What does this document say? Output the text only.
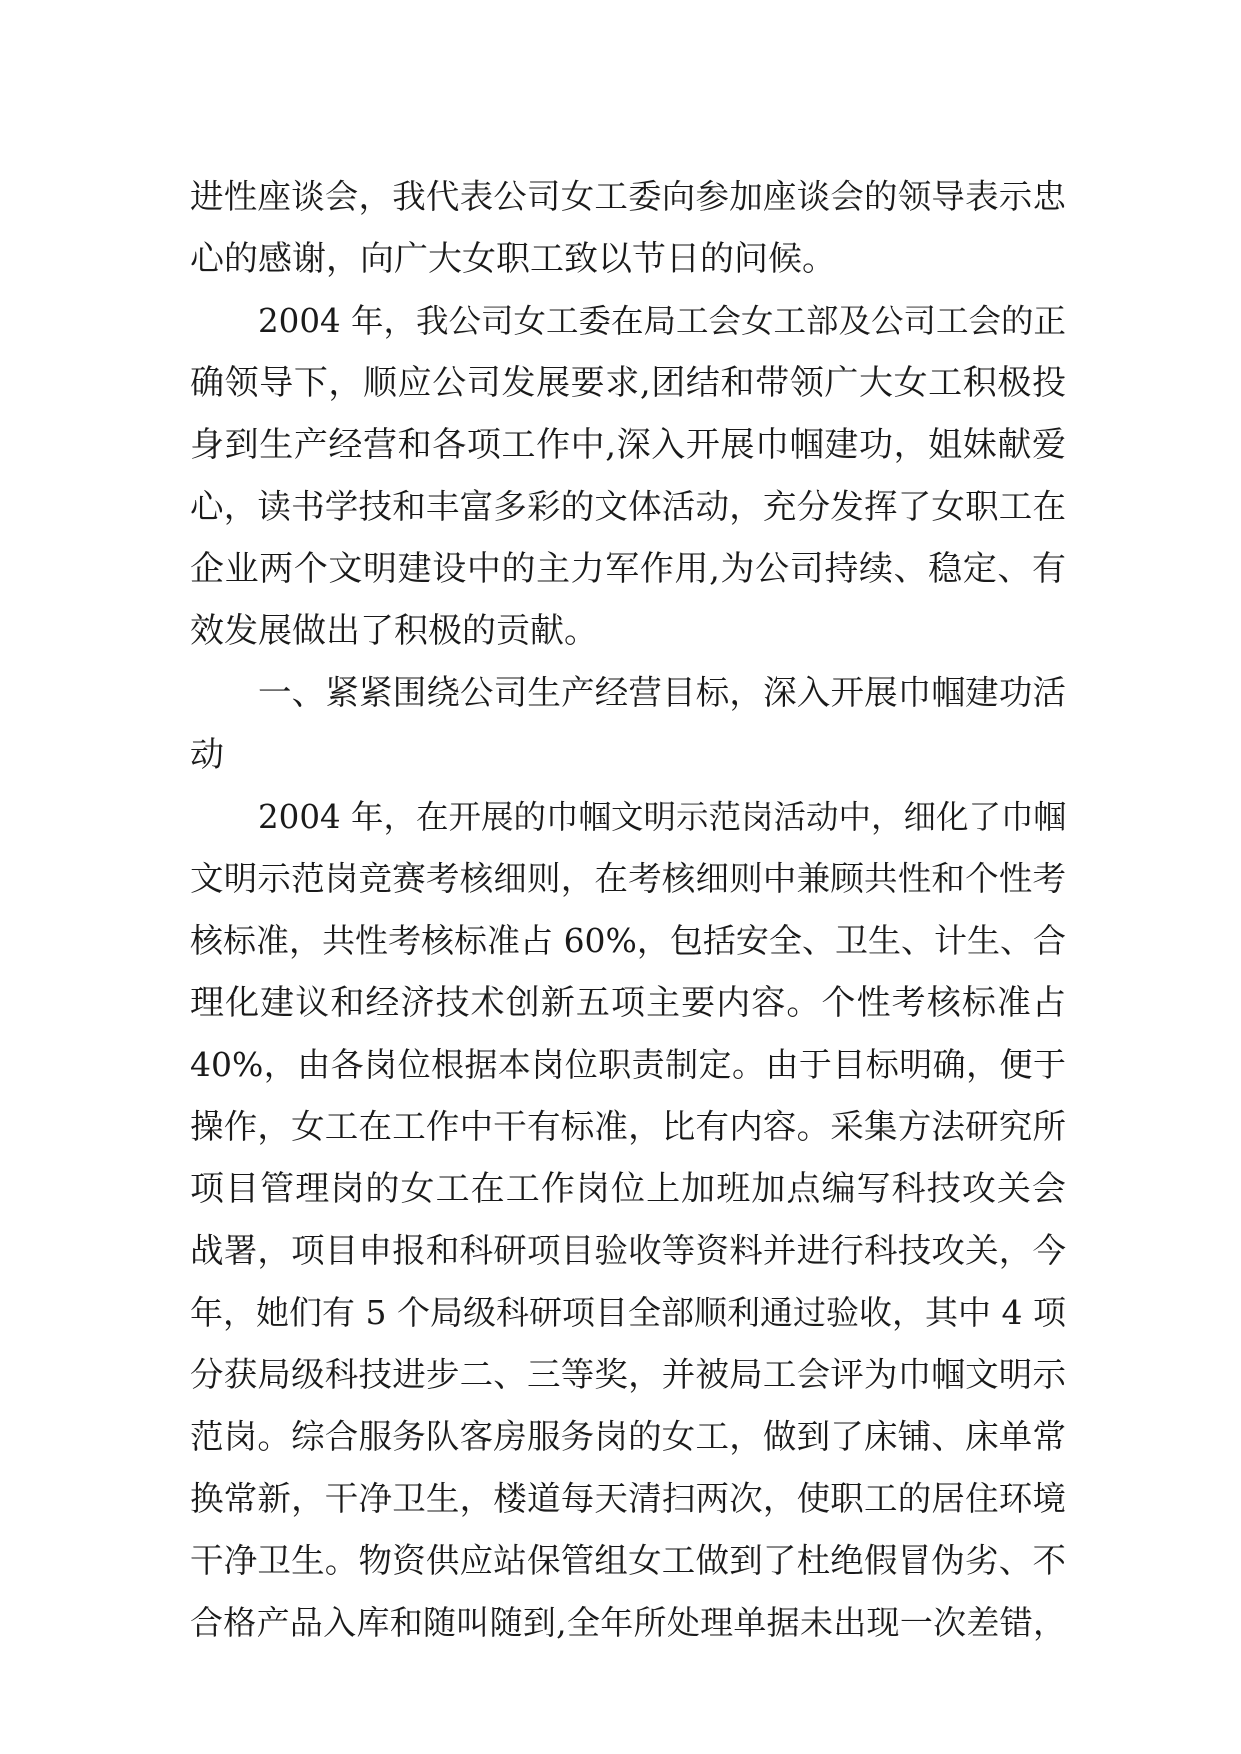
进性座谈会，我代表公司女工委向参加座谈会的领导表示忠
心的感谢，向广大女职工致以节日的问候。
2004 年，我公司女工委在局工会女工部及公司工会的正
确领导下，顺应公司发展要求,团结和带领广大女工积极投
身到生产经营和各项工作中,深入开展巾帼建功，姐妹献爱
心，读书学技和丰富多彩的文体活动，充分发挥了女职工在
企业两个文明建设中的主力军作用,为公司持续、稳定、有
效发展做出了积极的贡献。
一、紧紧围绕公司生产经营目标，深入开展巾帼建功活
动
2004 年，在开展的巾帼文明示范岗活动中，细化了巾帼
文明示范岗竞赛考核细则，在考核细则中兼顾共性和个性考
核标准，共性考核标准占 60%，包括安全、卫生、计生、合
理化建议和经济技术创新五项主要内容。个性考核标准占
40%，由各岗位根据本岗位职责制定。由于目标明确，便于
操作，女工在工作中干有标准，比有内容。采集方法研究所
项目管理岗的女工在工作岗位上加班加点编写科技攻关会
战署，项目申报和科研项目验收等资料并进行科技攻关，今
年，她们有 5 个局级科研项目全部顺利通过验收，其中 4 项
分获局级科技进步二、三等奖，并被局工会评为巾帼文明示
范岗。综合服务队客房服务岗的女工，做到了床铺、床单常
换常新，干净卫生，楼道每天清扫两次，使职工的居住环境
干净卫生。物资供应站保管组女工做到了杜绝假冒伪劣、不
合格产品入库和随叫随到,全年所处理单据未出现一次差错，
